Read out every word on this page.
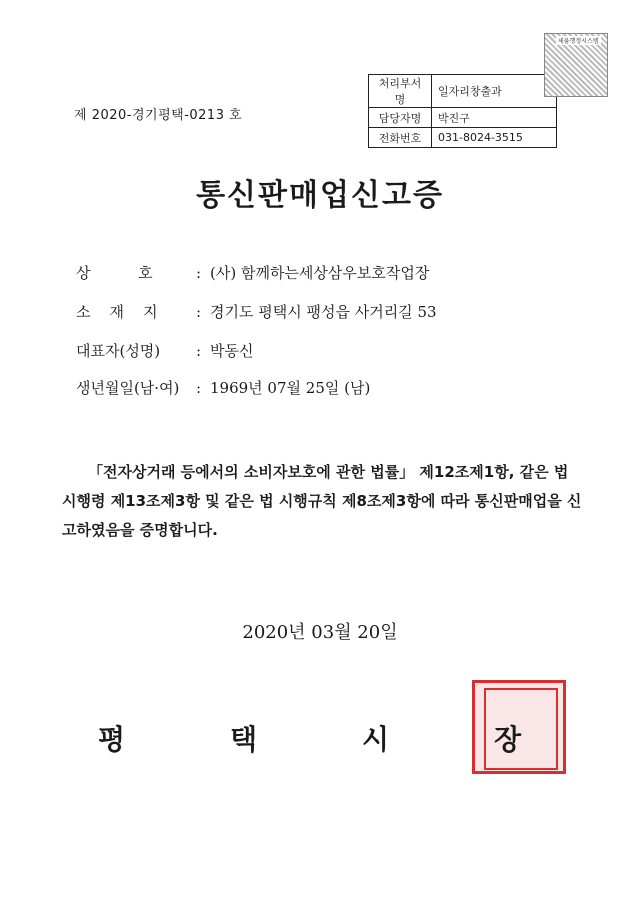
제 2020-경기평택-0213 호
처리부서명	일자리창출과
담당자명	박진구
전화번호	031-8024-3515
세움행정시스템
통신판매업신고증
상          호	: (사) 함께하는세상삼우보호작업장
소    재    지	: 경기도 평택시 팽성읍 사거리길 53
대표자(성명) : 박동신
생년월일(남·여) : 1969년 07월 25일 (남)
「전자상거래 등에서의 소비자보호에 관한 법률」 제12조제1항, 같은 법 시행령 제13조제3항 및 같은 법 시행규칙 제8조제3항에 따라 통신판매업을 신고하였음을 증명합니다.
2020년 03월 20일
평	택	시	장
